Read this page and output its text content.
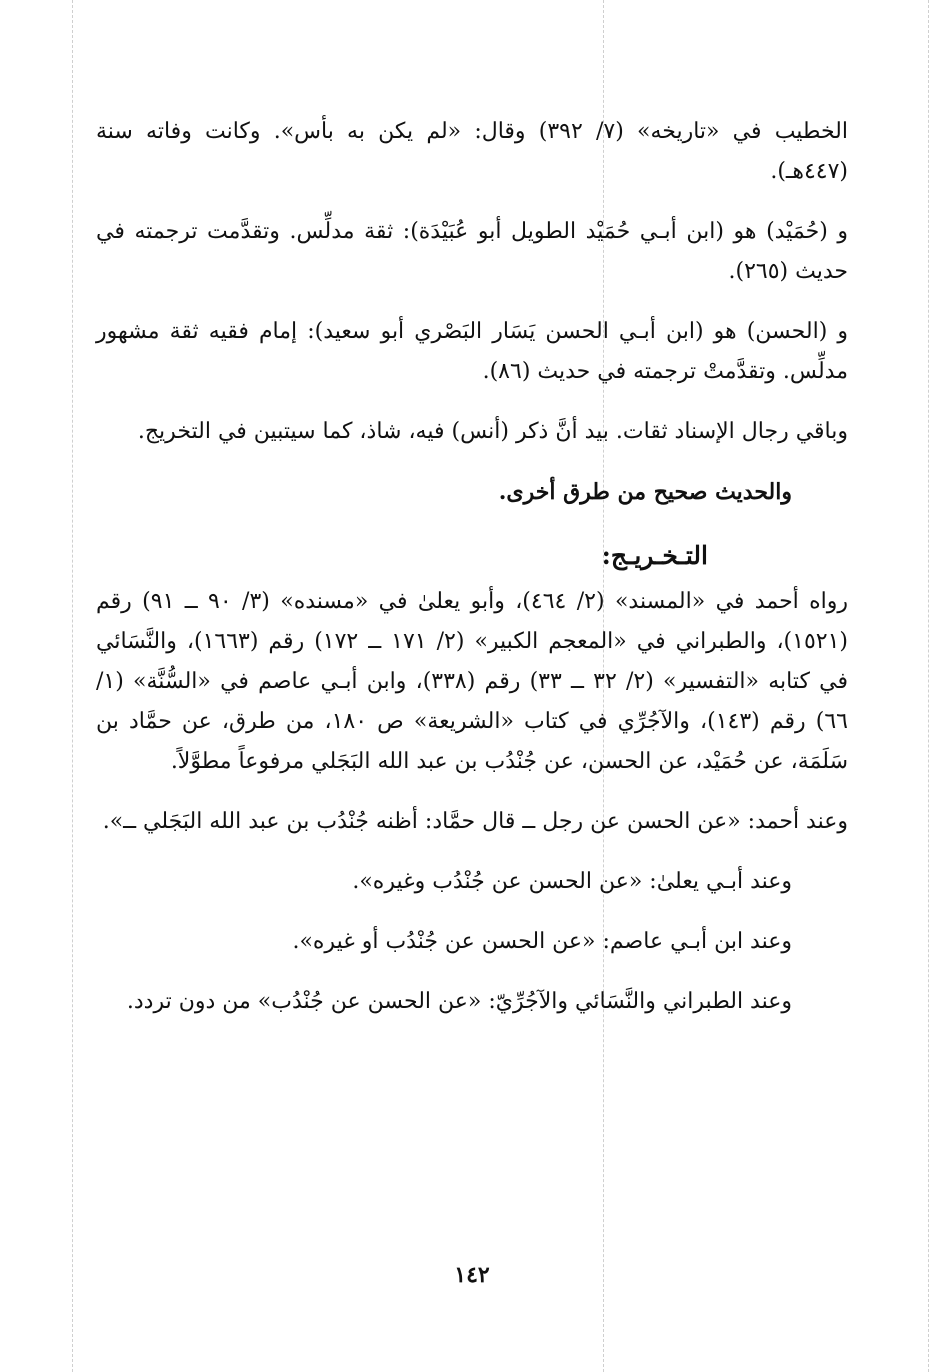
الخطيب في «تاريخه» (٧/ ٣٩٢) وقال: «لم يكن به بأس». وكانت وفاته سنة (٤٤٧هـ).

و (حُمَيْد) هو (ابن أبـي حُمَيْد الطويل أبو عُبَيْدَة): ثقة مدلِّس. وتقدَّمت ترجمته في حديث (٢٦٥).

و (الحسن) هو (ابن أبـي الحسن يَسَار البَصْري أبو سعيد): إمام فقيه ثقة مشهور مدلِّس. وتقدَّمتْ ترجمته في حديث (٨٦).

وباقي رجال الإسناد ثقات. بيد أنَّ ذكر (أنس) فيه، شاذ، كما سيتبين في التخريج.

والحديث صحيح من طرق أخرى.

التـخـريـج:

رواه أحمد في «المسند» (٢/ ٤٦٤)، وأبو يعلىٰ في «مسنده» (٣/ ٩٠ ــ ٩١) رقم (١٥٢١)، والطبراني في «المعجم الكبير» (٢/ ١٧١ ــ ١٧٢) رقم (١٦٦٣)، والنَّسَائي في كتابه «التفسير» (٢/ ٣٢ ــ ٣٣) رقم (٣٣٨)، وابن أبـي عاصم في «السُّنَّة» (١/ ٦٦) رقم (١٤٣)، والآجُرِّي في كتاب «الشريعة» ص ١٨٠، من طرق، عن حمَّاد بن سَلَمَة، عن حُمَيْد، عن الحسن، عن جُنْدُب بن عبد الله البَجَلي مرفوعاً مطوَّلاً.

وعند أحمد: «عن الحسن عن رجل ــ قال حمَّاد: أظنه جُنْدُب بن عبد الله البَجَلي ــ».

وعند أبـي يعلىٰ: «عن الحسن عن جُنْدُب وغيره».

وعند ابن أبـي عاصم: «عن الحسن عن جُنْدُب أو غيره».

وعند الطبراني والنَّسَائي والآجُرِّيّ: «عن الحسن عن جُنْدُب» من دون تردد.

١٤٢
